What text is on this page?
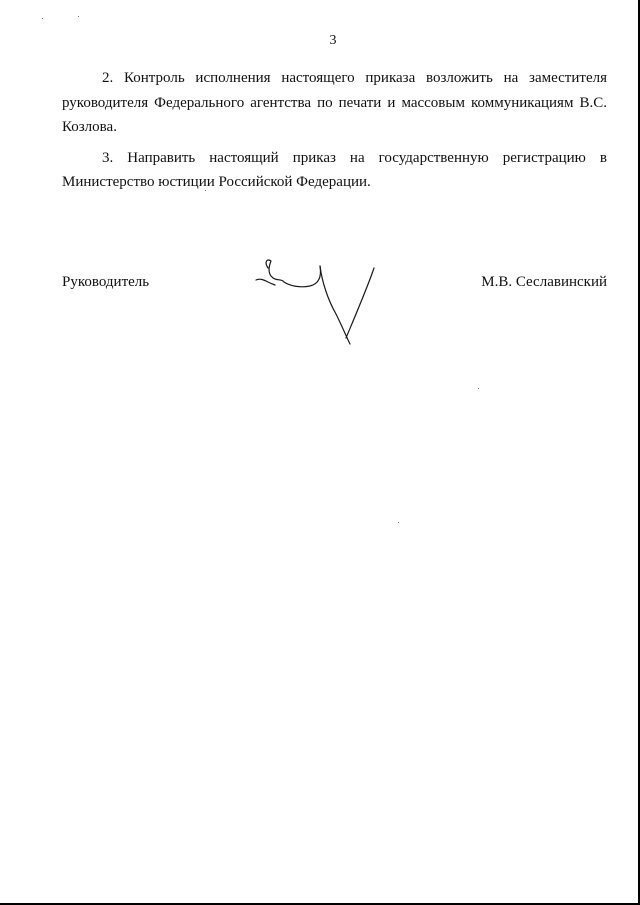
3

2. Контроль исполнения настоящего приказа возложить на заместителя руководителя Федерального агентства по печати и массовым коммуникациям В.С. Козлова.

3. Направить настоящий приказ на государственную регистрацию в Министерство юстиции Российской Федерации.

Руководитель	М.В. Сеславинский
